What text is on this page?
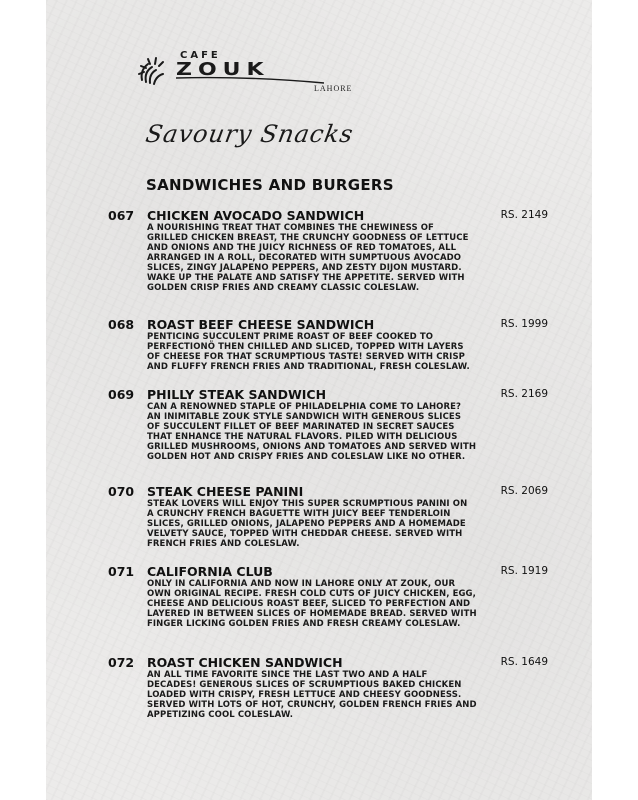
CAFE
ZOUK
LAHORE
Savoury Snacks
SANDWICHES AND BURGERS
067 CHICKEN AVOCADO SANDWICH	RS. 2149
A NOURISHING TREAT THAT COMBINES THE CHEWINESS OF GRILLED CHICKEN BREAST, THE CRUNCHY GOODNESS OF LETTUCE AND ONIONS AND THE JUICY RICHNESS OF RED TOMATOES, ALL ARRANGED IN A ROLL, DECORATED WITH SUMPTUOUS AVOCADO SLICES, ZINGY JALAPENO PEPPERS, AND ZESTY DIJON MUSTARD. WAKE UP THE PALATE AND SATISFY THE APPETITE. SERVED WITH GOLDEN CRISP FRIES AND CREAMY CLASSIC COLESLAW.
068 ROAST BEEF CHEESE SANDWICH	RS. 1999
PENTICING SUCCULENT PRIME ROAST OF BEEF COOKED TO PERFECTIONÖ THEN CHILLED AND SLICED, TOPPED WITH LAYERS OF CHEESE FOR THAT SCRUMPTIOUS TASTE! SERVED WITH CRISP AND FLUFFY FRENCH FRIES AND TRADITIONAL, FRESH COLESLAW.
069 PHILLY STEAK SANDWICH	RS. 2169
CAN A RENOWNED STAPLE OF PHILADELPHIA COME TO LAHORE? AN INIMITABLE ZOUK STYLE SANDWICH WITH GENEROUS SLICES OF SUCCULENT FILLET OF BEEF MARINATED IN SECRET SAUCES THAT ENHANCE THE NATURAL FLAVORS. PILED WITH DELICIOUS GRILLED MUSHROOMS, ONIONS AND TOMATOES AND SERVED WITH GOLDEN HOT AND CRISPY FRIES AND COLESLAW LIKE NO OTHER.
070 STEAK CHEESE PANINI	RS. 2069
STEAK LOVERS WILL ENJOY THIS SUPER SCRUMPTIOUS PANINI ON A CRUNCHY FRENCH BAGUETTE WITH JUICY BEEF TENDERLOIN SLICES, GRILLED ONIONS, JALAPENO PEPPERS AND A HOMEMADE VELVETY SAUCE, TOPPED WITH CHEDDAR CHEESE. SERVED WITH FRENCH FRIES AND COLESLAW.
071 CALIFORNIA CLUB	RS. 1919
ONLY IN CALIFORNIA AND NOW IN LAHORE ONLY AT ZOUK, OUR OWN ORIGINAL RECIPE. FRESH COLD CUTS OF JUICY CHICKEN, EGG, CHEESE AND DELICIOUS ROAST BEEF, SLICED TO PERFECTION AND LAYERED IN BETWEEN SLICES OF HOMEMADE BREAD. SERVED WITH FINGER LICKING GOLDEN FRIES AND FRESH CREAMY COLESLAW.
072 ROAST CHICKEN SANDWICH	RS. 1649
AN ALL TIME FAVORITE SINCE THE LAST TWO AND A HALF DECADES! GENEROUS SLICES OF SCRUMPTIOUS BAKED CHICKEN LOADED WITH CRISPY, FRESH LETTUCE AND CHEESY GOODNESS. SERVED WITH LOTS OF HOT, CRUNCHY, GOLDEN FRENCH FRIES AND APPETIZING COOL COLESLAW.
